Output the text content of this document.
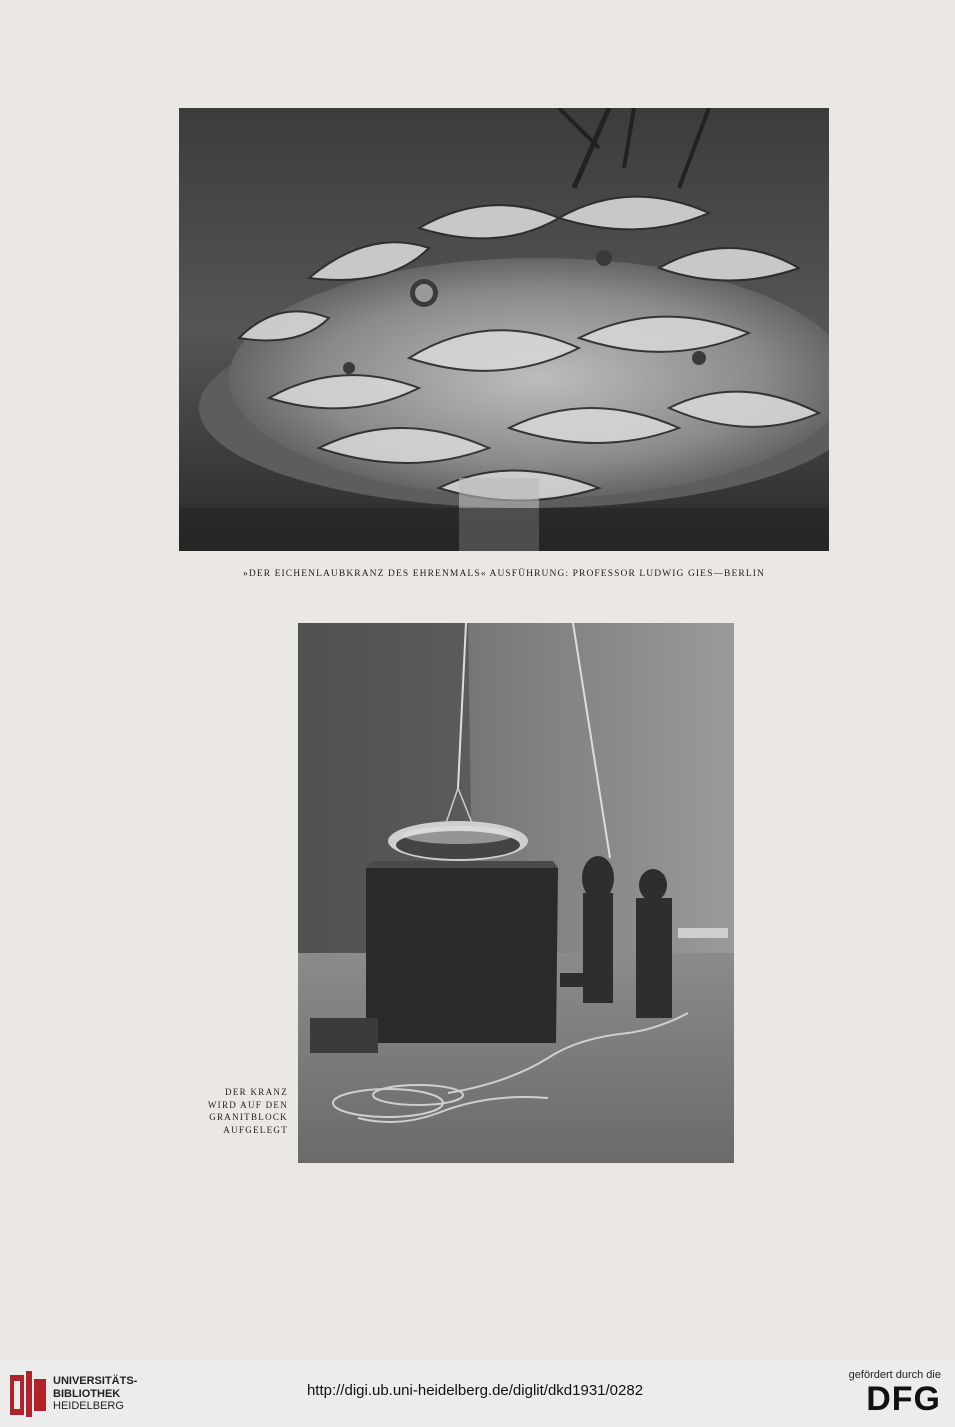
»DER EICHENLAUBKRANZ DES EHRENMALS« AUSFÜHRUNG: PROFESSOR LUDWIG GIES—BERLIN
DER KRANZ
WIRD AUF DEN
GRANITBLOCK
AUFGELEGT
UNIVERSITÄTS-
BIBLIOTHEK
HEIDELBERG
http://digi.ub.uni-heidelberg.de/diglit/dkd1931/0282
gefördert durch die
DFG
